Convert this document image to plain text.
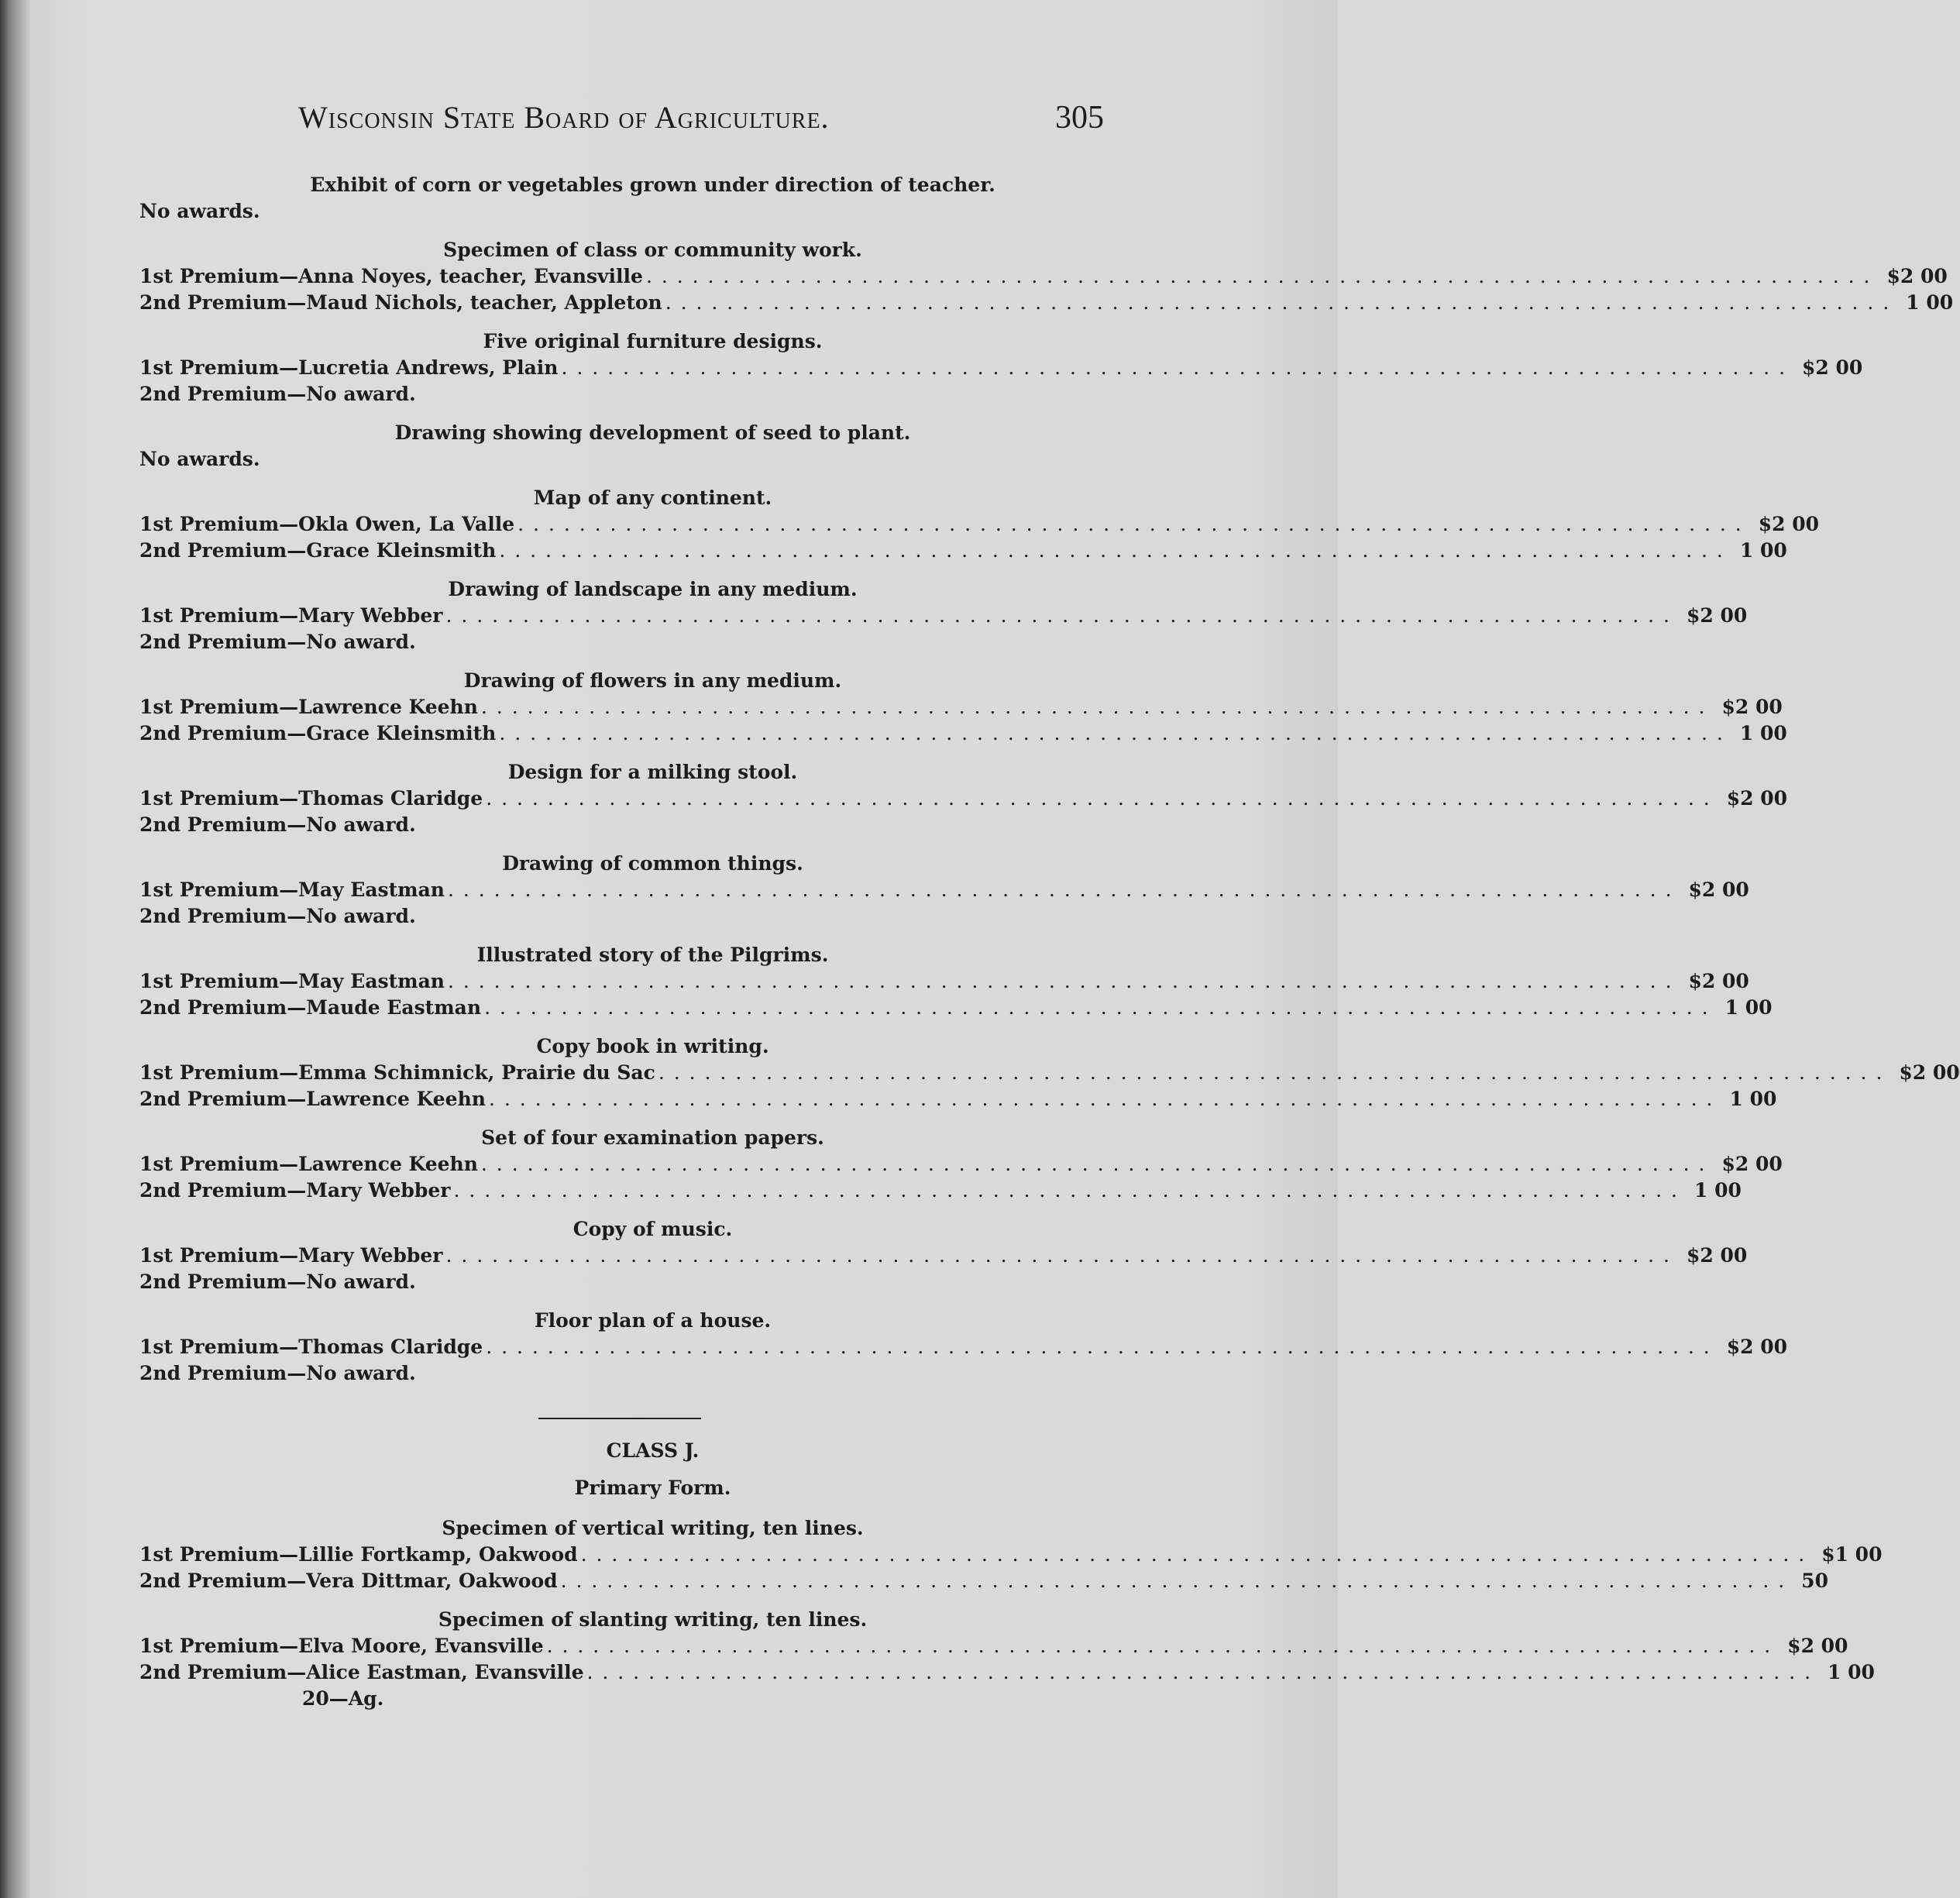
Wisconsin State Board of Agriculture.	305
Exhibit of corn or vegetables grown under direction of teacher.
No awards.
Specimen of class or community work.
1st Premium—Anna Noyes, teacher, Evansville . . . . . . . . . . . . . . . . . . . . . . . . . . . . . . . . . . . . . . . . . . . . . . . . . . . . . . . . . . . . . . . . . . . . . . . . . . . . . . . . $2 00
2nd Premium—Maud Nichols, teacher, Appleton . . . . . . . . . . . . . . . . . . . . . . . . . . . . . . . . . . . . . . . . . . . . . . . . . . . . . . . . . . . . . . . . . . . . . . . . . . . . . . . . 1 00
Five original furniture designs.
1st Premium—Lucretia Andrews, Plain . . . . . . . . . . . . . . . . . . . . . . . . . . . . . . . . . . . . . . . . . . . . . . . . . . . . . . . . . . . . . . . . . . . . . . . . . . . . . . . . $2 00
2nd Premium—No award.
Drawing showing development of seed to plant.
No awards.
Map of any continent.
1st Premium—Okla Owen, La Valle . . . . . . . . . . . . . . . . . . . . . . . . . . . . . . . . . . . . . . . . . . . . . . . . . . . . . . . . . . . . . . . . . . . . . . . . . . . . . . . . $2 00
2nd Premium—Grace Kleinsmith . . . . . . . . . . . . . . . . . . . . . . . . . . . . . . . . . . . . . . . . . . . . . . . . . . . . . . . . . . . . . . . . . . . . . . . . . . . . . . . . 1 00
Drawing of landscape in any medium.
1st Premium—Mary Webber . . . . . . . . . . . . . . . . . . . . . . . . . . . . . . . . . . . . . . . . . . . . . . . . . . . . . . . . . . . . . . . . . . . . . . . . . . . . . . . . $2 00
2nd Premium—No award.
Drawing of flowers in any medium.
1st Premium—Lawrence Keehn . . . . . . . . . . . . . . . . . . . . . . . . . . . . . . . . . . . . . . . . . . . . . . . . . . . . . . . . . . . . . . . . . . . . . . . . . . . . . . . . $2 00
2nd Premium—Grace Kleinsmith . . . . . . . . . . . . . . . . . . . . . . . . . . . . . . . . . . . . . . . . . . . . . . . . . . . . . . . . . . . . . . . . . . . . . . . . . . . . . . . . 1 00
Design for a milking stool.
1st Premium—Thomas Claridge . . . . . . . . . . . . . . . . . . . . . . . . . . . . . . . . . . . . . . . . . . . . . . . . . . . . . . . . . . . . . . . . . . . . . . . . . . . . . . . . $2 00
2nd Premium—No award.
Drawing of common things.
1st Premium—May Eastman . . . . . . . . . . . . . . . . . . . . . . . . . . . . . . . . . . . . . . . . . . . . . . . . . . . . . . . . . . . . . . . . . . . . . . . . . . . . . . . . $2 00
2nd Premium—No award.
Illustrated story of the Pilgrims.
1st Premium—May Eastman . . . . . . . . . . . . . . . . . . . . . . . . . . . . . . . . . . . . . . . . . . . . . . . . . . . . . . . . . . . . . . . . . . . . . . . . . . . . . . . . $2 00
2nd Premium—Maude Eastman . . . . . . . . . . . . . . . . . . . . . . . . . . . . . . . . . . . . . . . . . . . . . . . . . . . . . . . . . . . . . . . . . . . . . . . . . . . . . . . . 1 00
Copy book in writing.
1st Premium—Emma Schimnick, Prairie du Sac . . . . . . . . . . . . . . . . . . . . . . . . . . . . . . . . . . . . . . . . . . . . . . . . . . . . . . . . . . . . . . . . . . . . . . . . . . . . . . . . $2 00
2nd Premium—Lawrence Keehn . . . . . . . . . . . . . . . . . . . . . . . . . . . . . . . . . . . . . . . . . . . . . . . . . . . . . . . . . . . . . . . . . . . . . . . . . . . . . . . . 1 00
Set of four examination papers.
1st Premium—Lawrence Keehn . . . . . . . . . . . . . . . . . . . . . . . . . . . . . . . . . . . . . . . . . . . . . . . . . . . . . . . . . . . . . . . . . . . . . . . . . . . . . . . . $2 00
2nd Premium—Mary Webber . . . . . . . . . . . . . . . . . . . . . . . . . . . . . . . . . . . . . . . . . . . . . . . . . . . . . . . . . . . . . . . . . . . . . . . . . . . . . . . . 1 00
Copy of music.
1st Premium—Mary Webber . . . . . . . . . . . . . . . . . . . . . . . . . . . . . . . . . . . . . . . . . . . . . . . . . . . . . . . . . . . . . . . . . . . . . . . . . . . . . . . . $2 00
2nd Premium—No award.
Floor plan of a house.
1st Premium—Thomas Claridge . . . . . . . . . . . . . . . . . . . . . . . . . . . . . . . . . . . . . . . . . . . . . . . . . . . . . . . . . . . . . . . . . . . . . . . . . . . . . . . . $2 00
2nd Premium—No award.
CLASS J.
Primary Form.
Specimen of vertical writing, ten lines.
1st Premium—Lillie Fortkamp, Oakwood . . . . . . . . . . . . . . . . . . . . . . . . . . . . . . . . . . . . . . . . . . . . . . . . . . . . . . . . . . . . . . . . . . . . . . . . . . . . . . . . $1 00
2nd Premium—Vera Dittmar, Oakwood . . . . . . . . . . . . . . . . . . . . . . . . . . . . . . . . . . . . . . . . . . . . . . . . . . . . . . . . . . . . . . . . . . . . . . . . . . . . . . . . 50
Specimen of slanting writing, ten lines.
1st Premium—Elva Moore, Evansville . . . . . . . . . . . . . . . . . . . . . . . . . . . . . . . . . . . . . . . . . . . . . . . . . . . . . . . . . . . . . . . . . . . . . . . . . . . . . . . . $2 00
2nd Premium—Alice Eastman, Evansville . . . . . . . . . . . . . . . . . . . . . . . . . . . . . . . . . . . . . . . . . . . . . . . . . . . . . . . . . . . . . . . . . . . . . . . . . . . . . . . . 1 00
20—Ag.
